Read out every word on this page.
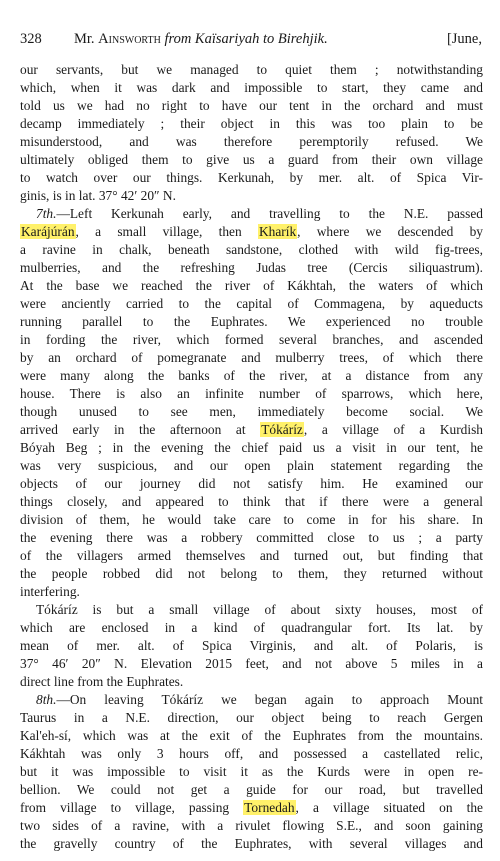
328 Mr. Ainsworth from Kaïsariyah to Birehjik.	[June,
our servants, but we managed to quiet them ; notwithstanding
which, when it was dark and impossible to start, they came and
told us we had no right to have our tent in the orchard and must
decamp immediately ; their object in this was too plain to be
misunderstood, and was therefore peremptorily refused. We
ultimately obliged them to give us a guard from their own village
to watch over our things. Kerkunah, by mer. alt. of Spica Vir-
ginis, is in lat. 37° 42′ 20″ N.
7th.—Left Kerkunah early, and travelling to the N.E. passed
Karájúrán, a small village, then Kharík, where we descended by
a ravine in chalk, beneath sandstone, clothed with wild fig-trees,
mulberries, and the refreshing Judas tree (Cercis siliquastrum).
At the base we reached the river of Kákhtah, the waters of which
were anciently carried to the capital of Commagena, by aqueducts
running parallel to the Euphrates. We experienced no trouble
in fording the river, which formed several branches, and ascended
by an orchard of pomegranate and mulberry trees, of which there
were many along the banks of the river, at a distance from any
house. There is also an infinite number of sparrows, which here,
though unused to see men, immediately become social. We
arrived early in the afternoon at Tókáríz, a village of a Kurdish
Bóyah Beg ; in the evening the chief paid us a visit in our tent, he
was very suspicious, and our open plain statement regarding the
objects of our journey did not satisfy him. He examined our
things closely, and appeared to think that if there were a general
division of them, he would take care to come in for his share. In
the evening there was a robbery committed close to us ; a party
of the villagers armed themselves and turned out, but finding that
the people robbed did not belong to them, they returned without
interfering.
Tókáríz is but a small village of about sixty houses, most of
which are enclosed in a kind of quadrangular fort. Its lat. by
mean of mer. alt. of Spica Virginis, and alt. of Polaris, is
37° 46′ 20″ N. Elevation 2015 feet, and not above 5 miles in a
direct line from the Euphrates.
8th.—On leaving Tókáríz we began again to approach Mount
Taurus in a N.E. direction, our object being to reach Gergen
Kal'eh-sí, which was at the exit of the Euphrates from the mountains.
Kákhtah was only 3 hours off, and possessed a castellated relic,
but it was impossible to visit it as the Kurds were in open re-
bellion. We could not get a guide for our road, but travelled
from village to village, passing Tornedah, a village situated on the
two sides of a ravine, with a rivulet flowing S.E., and soon gaining
the gravelly country of the Euphrates, with several villages and
